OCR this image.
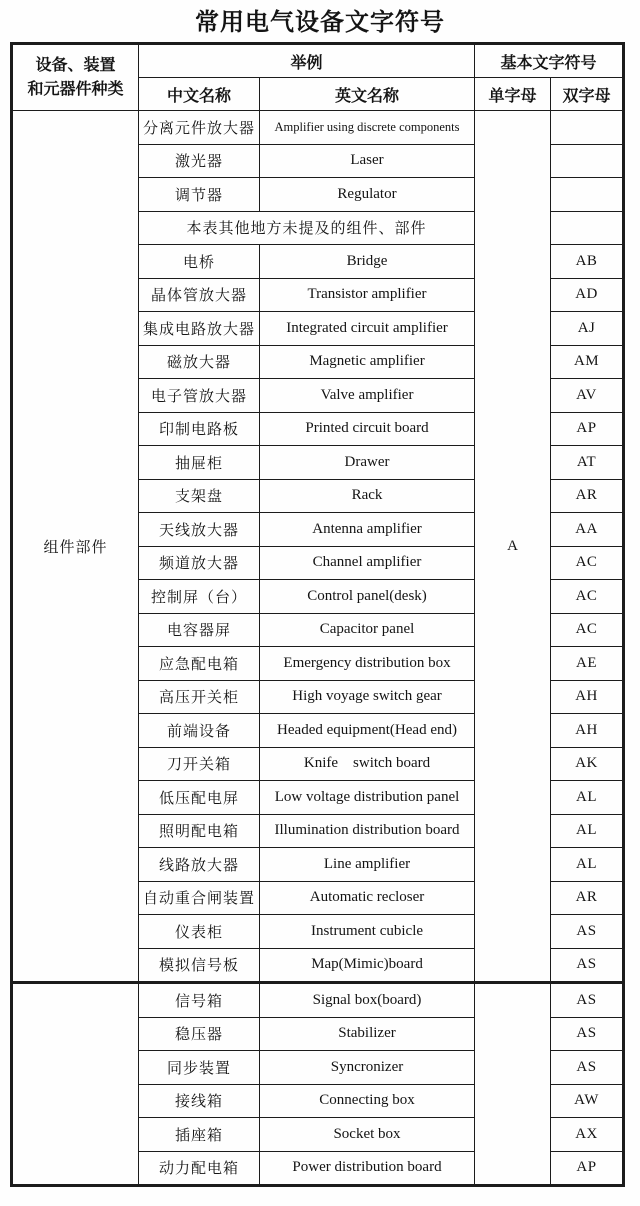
常用电气设备文字符号
设备、装置
和元器件种类	举例		基本文字符号	
	中文名称	英文名称	单字母	双字母
组件部件	分离元件放大器	Amplifier using discrete components	A	
	激光器	Laser		
	调节器	Regulator		
	本表其他地方未提及的组件、部件			
	电桥	Bridge		AB
	晶体管放大器	Transistor amplifier		AD
	集成电路放大器	Integrated circuit amplifier		AJ
	磁放大器	Magnetic amplifier		AM
	电子管放大器	Valve amplifier		AV
	印制电路板	Printed circuit board		AP
	抽屉柜	Drawer		AT
	支架盘	Rack		AR
	天线放大器	Antenna amplifier		AA
	频道放大器	Channel amplifier		AC
	控制屏（台）	Control panel(desk)		AC
	电容器屏	Capacitor panel		AC
	应急配电箱	Emergency distribution box		AE
	高压开关柜	High voyage switch gear		AH
	前端设备	Headed equipment(Head end)		AH
	刀开关箱	Knife switch board		AK
	低压配电屏	Low voltage distribution panel		AL
	照明配电箱	Illumination distribution board		AL
	线路放大器	Line amplifier		AL
	自动重合闸装置	Automatic recloser		AR
	仪表柜	Instrument cubicle		AS
	模拟信号板	Map(Mimic)board		AS
	信号箱	Signal box(board)		AS
	稳压器	Stabilizer		AS
	同步装置	Syncronizer		AS
	接线箱	Connecting box		AW
	插座箱	Socket box		AX
	动力配电箱	Power distribution board		AP
